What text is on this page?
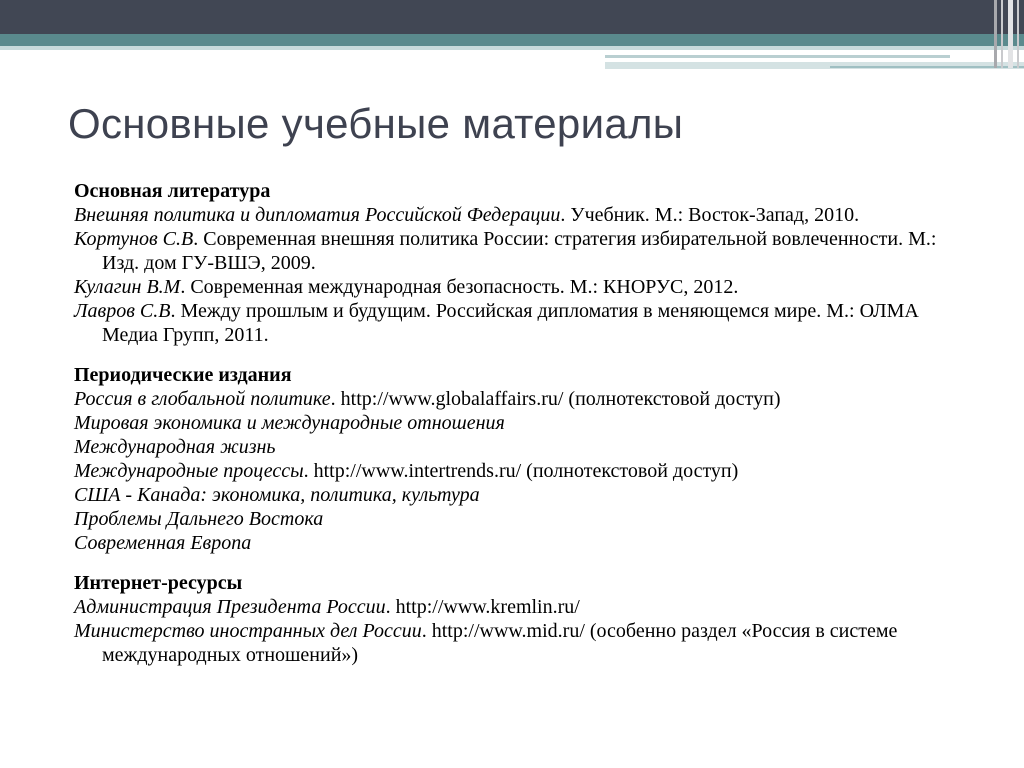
Основные учебные материалы
Основная литература
Внешняя политика и дипломатия Российской Федерации. Учебник. М.: Восток-Запад, 2010.
Кортунов С.В. Современная внешняя политика России: стратегия избирательной вовлеченности. М.: Изд. дом ГУ-ВШЭ, 2009.
Кулагин В.М. Современная международная безопасность. М.: КНОРУС, 2012.
Лавров С.В. Между прошлым и будущим. Российская дипломатия в меняющемся мире. М.: ОЛМА Медиа Групп, 2011.
Периодические издания
Россия в глобальной политике. http://www.globalaffairs.ru/ (полнотекстовой доступ)
Мировая экономика и международные отношения
Международная жизнь
Международные процессы. http://www.intertrends.ru/ (полнотекстовой доступ)
США - Канада: экономика, политика, культура
Проблемы Дальнего Востока
Современная Европа
Интернет-ресурсы
Администрация Президента России. http://www.kremlin.ru/
Министерство иностранных дел России. http://www.mid.ru/ (особенно раздел «Россия в системе международных отношений»)
